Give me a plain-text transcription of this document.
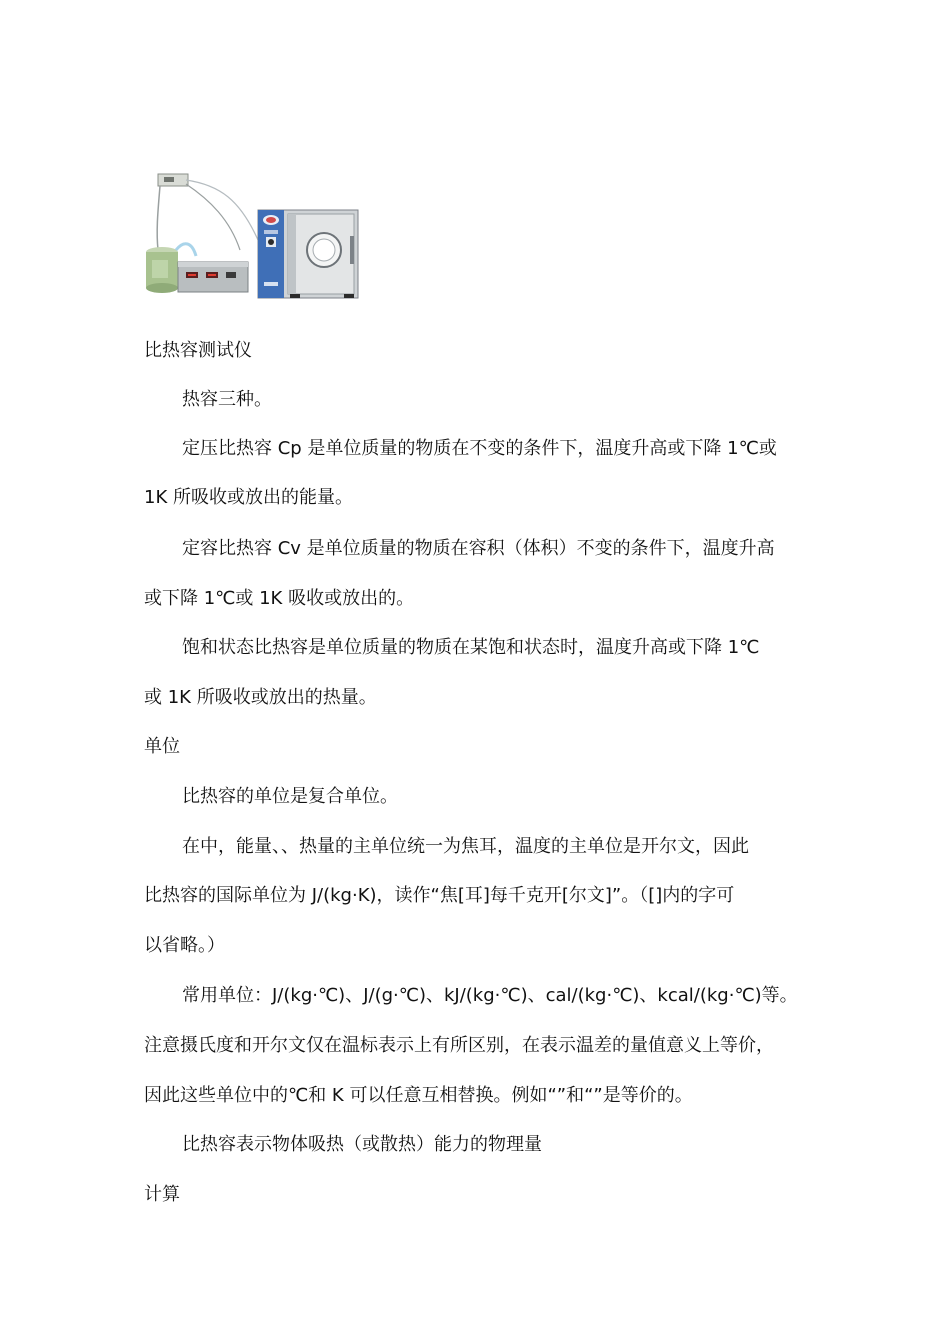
比热容测试仪
热容三种。
定压比热容 Cp 是单位质量的物质在不变的条件下，温度升高或下降 1℃或
1K 所吸收或放出的能量。
定容比热容 Cv 是单位质量的物质在容积（体积）不变的条件下，温度升高
或下降 1℃或 1K 吸收或放出的。
饱和状态比热容是单位质量的物质在某饱和状态时，温度升高或下降 1℃
或 1K 所吸收或放出的热量。
单位
比热容的单位是复合单位。
在中，能量、、热量的主单位统一为焦耳，温度的主单位是开尔文，因此
比热容的国际单位为 J/(kg·K)，读作“焦[耳]每千克开[尔文]”。（[]内的字可
以省略。）
常用单位：J/(kg·℃)、J/(g·℃)、kJ/(kg·℃)、cal/(kg·℃)、kcal/(kg·℃)等。
注意摄氏度和开尔文仅在温标表示上有所区别，在表示温差的量值意义上等价，
因此这些单位中的℃和 K 可以任意互相替换。例如“”和“”是等价的。
比热容表示物体吸热（或散热）能力的物理量
计算
